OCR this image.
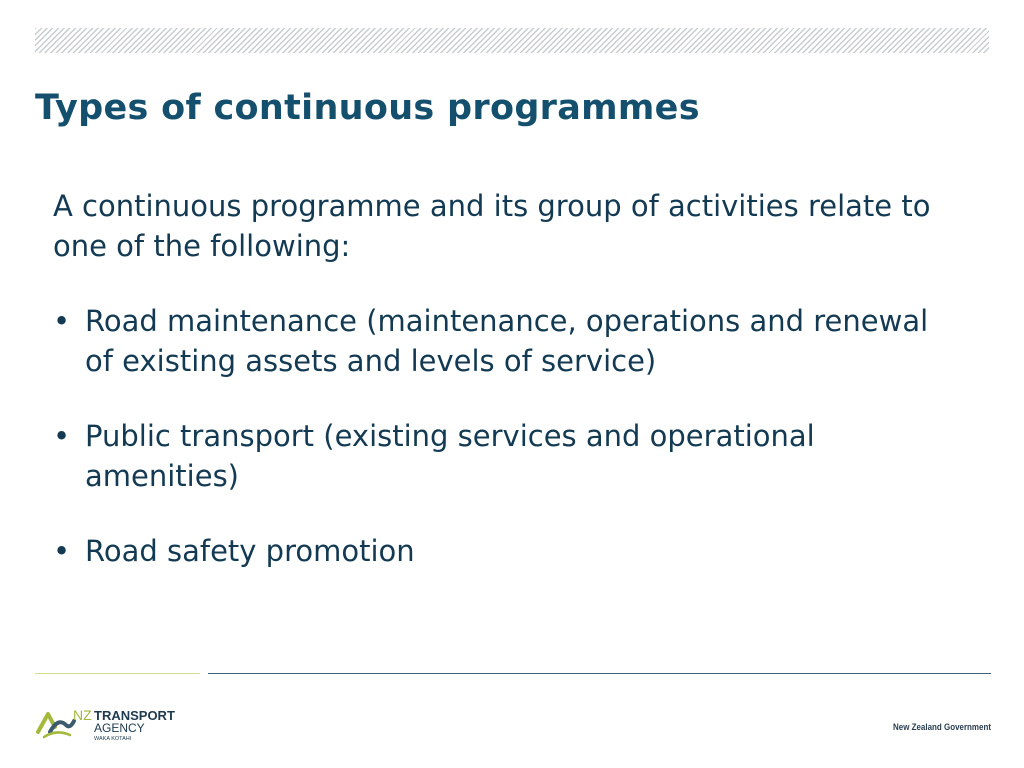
Types of continuous programmes

A continuous programme and its group of activities relate to one of the following:

• Road maintenance (maintenance, operations and renewal of existing assets and levels of service)
• Public transport (existing services and operational amenities)
• Road safety promotion
NZ TRANSPORT
AGENCY
WAKA KOTAHI
New Zealand Government
